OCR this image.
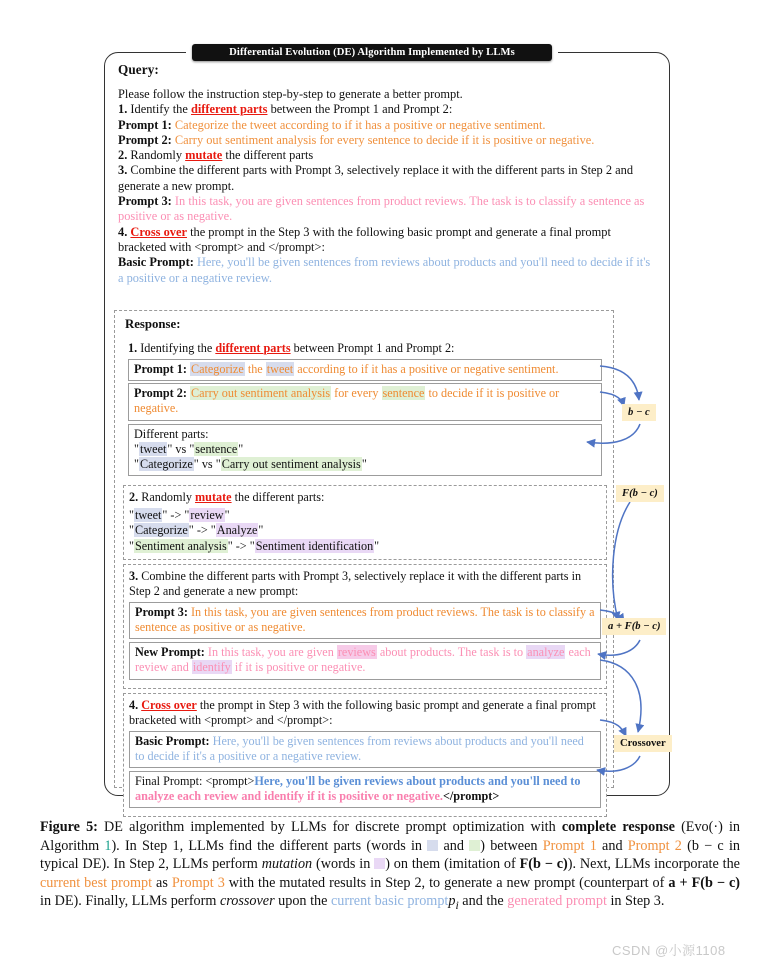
Differential Evolution (DE) Algorithm Implemented by LLMs
Query:

Please follow the instruction step-by-step to generate a better prompt.

1. Identify the different parts between the Prompt 1 and Prompt 2:

Prompt 1: Categorize the tweet according to if it has a positive or negative sentiment.

Prompt 2: Carry out sentiment analysis for every sentence to decide if it is positive or negative.

2. Randomly mutate the different parts

3. Combine the different parts with Prompt 3, selectively replace it with the different parts in Step 2 and generate a new prompt.

Prompt 3: In this task, you are given sentences from product reviews. The task is to classify a sentence as positive or as negative.

4. Cross over the prompt in the Step 3 with the following basic prompt and generate a final prompt bracketed with <prompt> and </prompt>:

Basic Prompt: Here, you'll be given sentences from reviews about products and you'll need to decide if it's a positive or a negative review.

Response:

1. Identifying the different parts between Prompt 1 and Prompt 2:

Prompt 1: Categorize the tweet according to if it has a positive or negative sentiment.
Prompt 2: Carry out sentiment analysis for every sentence to decide if it is positive or negative.
Different parts:
"tweet" vs "sentence"
"Categorize" vs "Carry out sentiment analysis"

2. Randomly mutate the different parts:

"tweet" -> "review"
"Categorize" -> "Analyze"
"Sentiment analysis" -> "Sentiment identification"

3. Combine the different parts with Prompt 3, selectively replace it with the different parts in Step 2 and generate a new prompt:

Prompt 3: In this task, you are given sentences from product reviews. The task is to classify a sentence as positive or as negative.
New Prompt: In this task, you are given reviews about products. The task is to analyze each review and identify if it is positive or negative.

4. Cross over the prompt in Step 3 with the following basic prompt and generate a final prompt bracketed with <prompt> and </prompt>:

Basic Prompt: Here, you'll be given sentences from reviews about products and you'll need to decide if it's a positive or a negative review.
Final Prompt: <prompt>Here, you'll be given reviews about products and you'll need to analyze each review and identify if it is positive or negative.</prompt>
b − c
F(b − c)
a + F(b − c)
Crossover
Figure 5: DE algorithm implemented by LLMs for discrete prompt optimization with complete response (Evo(·) in Algorithm 1). In Step 1, LLMs find the different parts (words in  and ) between Prompt 1 and Prompt 2 (b − c in typical DE). In Step 2, LLMs perform mutation (words in ) on them (imitation of F(b − c)). Next, LLMs incorporate the current best prompt as Prompt 3 with the mutated results in Step 2, to generate a new prompt (counterpart of a + F(b − c) in DE). Finally, LLMs perform crossover upon the current basic promptp$_i$ and the generated prompt in Step 3.
CSDN @小源1108
